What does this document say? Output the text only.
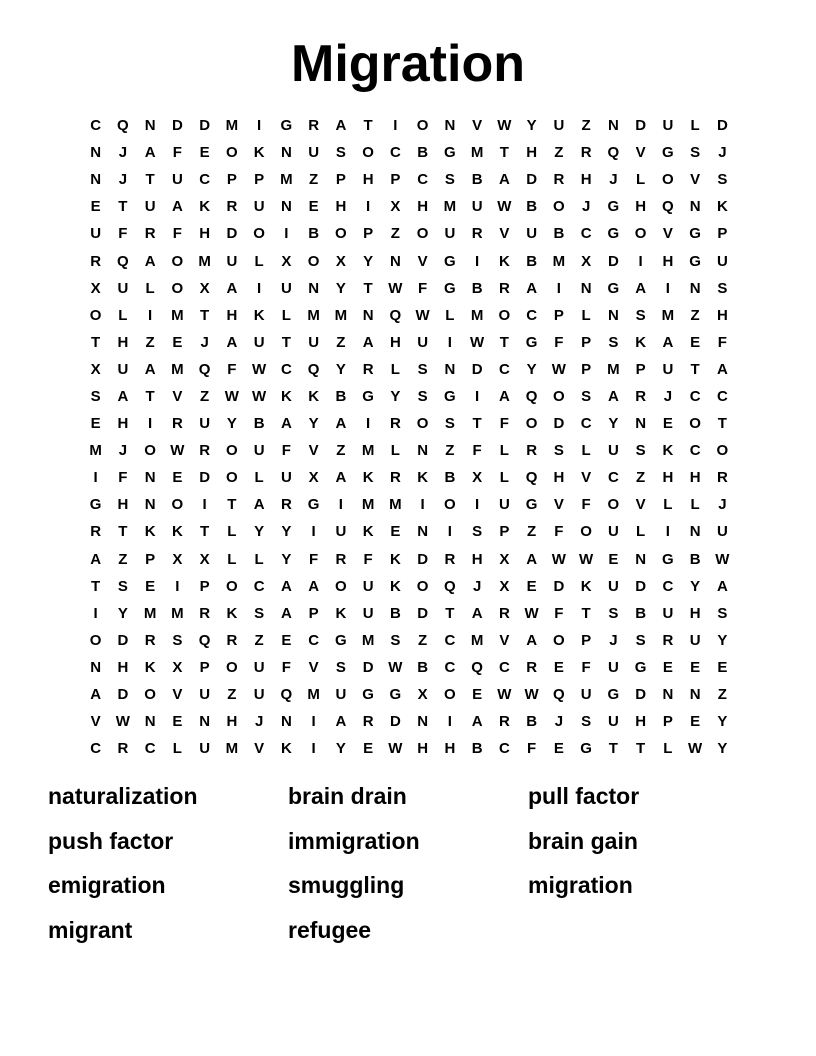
Migration
C	Q	N	D	D	M	I	G	R	A	T	I	O	N	V	W	Y	U	Z	N	D	U	L	D
N	J	A	F	E	O	K	N	U	S	O	C	B	G	M	T	H	Z	R	Q	V	G	S	J
N	J	T	U	C	P	P	M	Z	P	H	P	C	S	B	A	D	R	H	J	L	O	V	S
E	T	U	A	K	R	U	N	E	H	I	X	H	M	U W B	O	J	G	H	Q	N	K
U	F	R	F	H	D	O	I	B	O	P	Z	O	U	R	V	U	B	C	G	O	V	G	P
R	Q	A	O	M	U	L	X	O	X	Y	N	V	G	I	K	B	M	X	D	I	H	G	U
X	U	L	O	X	A	I	U	N	Y	T	W	F	G	B	R	A	I	N	G	A	I	N	S
O	L	I	M	T	H	K	L	M M	N	Q W	L	M	O	C	P	L	N	S	M	Z	H
T	H	Z	E	J	A	U	T	U	Z	A	H	U	I	W	T	G	F	P	S	K	A	E	F
X	U	A	M	Q	F	W C	Q	Y	R	L	S	N	D	C	Y	W	P	M	P	U	T	A
S	A	T	V	Z	W W K	K	B	G	Y	S	G	I	A	Q	O	S	A	R	J	C	C
E	H	I	R	U	Y	B	A	Y	A	I	R	O	S	T	F	O	D	C	Y	N	E	O	T
M	J	O W R	O	U	F	V	Z	M	L	N	Z	F	L	R	S	L	U	S	K	C	O
I	F	N	E	D	O	L	U	X	A	K	R	K	B	X	L	Q	H	V	C	Z	H	H	R
G	H	N	O	I	T	A	R	G	I	M M	I	O	I	U	G	V	F	O	V	L	L	J
R	T	K	K	T	L	Y	Y	I	U	K	E	N	I	S	P	Z	F	O	U	L	I	N	U
A	Z	P	X	X	L	L	Y	F	R	F	K	D	R	H	X	A W W	E	N	G	B W
T	S	E	I	P	O	C	A	A	O	U	K	O	Q	J	X	E	D	K	U	D	C	Y	A
I	Y	M M	R	K	S	A	P	K	U	B	D	T	A	R W	F	T	S	B	U	H	S
O	D	R	S	Q	R	Z	E	C	G	M	S	Z	C	M	V	A	O	P	J	S	R	U	Y
N	H	K	X	P	O	U	F	V	S	D W B	C	Q	C	R	E	F	U	G	E	E	E
A	D	O	V	U	Z	U	Q	M	U	G	G	X	O	E	W W Q	U	G	D	N	N	Z
V	W N	E	N	H	J	N	I	A	R	D	N	I	A	R	B	J	S	U	H	P	E	Y
C	R	C	L	U	M	V	K	I	Y	E	W H	H	B	C	F	E	G	T	T	L	W	Y
naturalization	brain drain	pull factor
push factor	immigration	brain gain
emigration	smuggling	migration
migrant	refugee
